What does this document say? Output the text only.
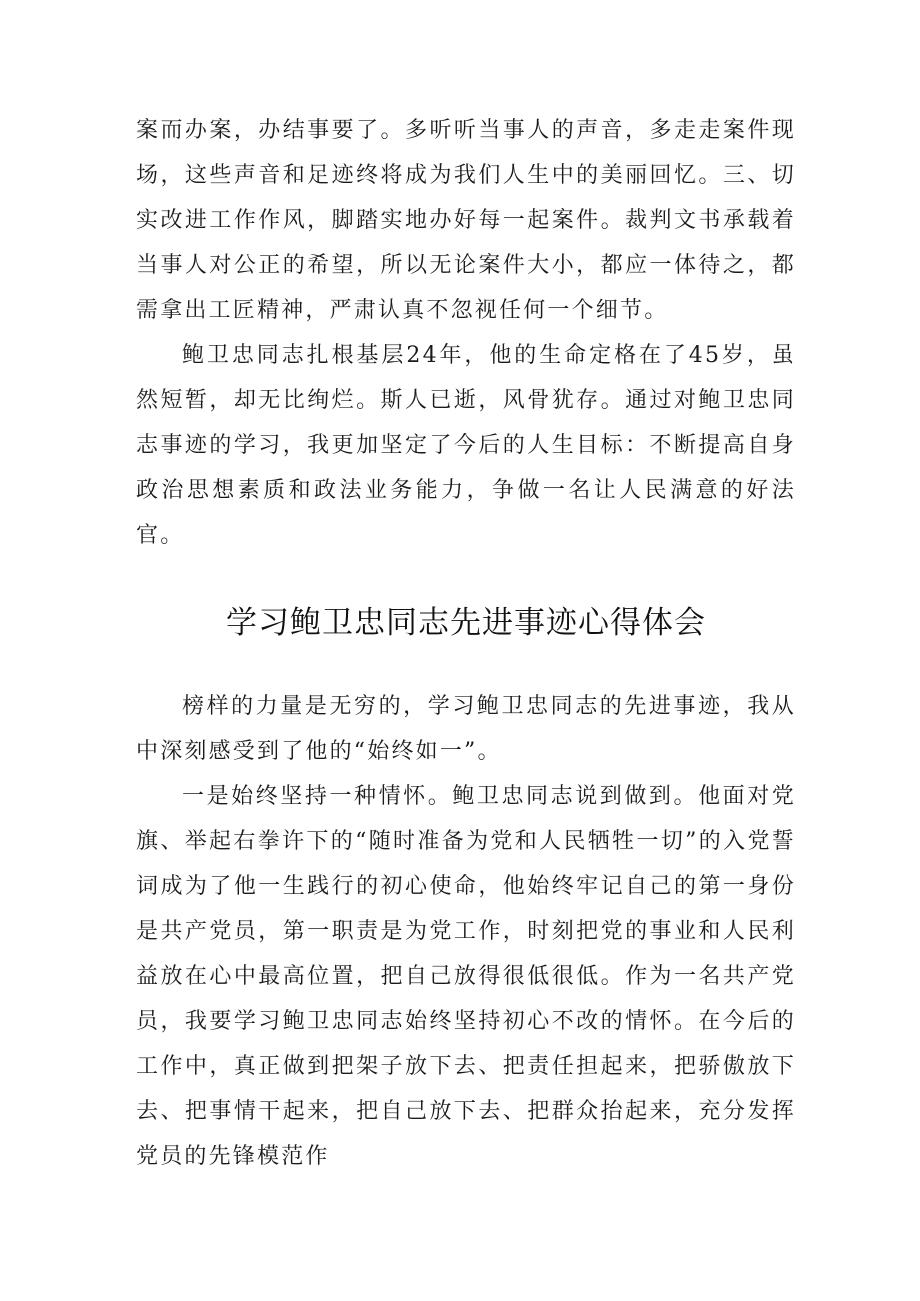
案而办案，办结事要了。多听听当事人的声音，多走走案件现场，这些声音和足迹终将成为我们人生中的美丽回忆。三、切实改进工作作风，脚踏实地办好每一起案件。裁判文书承载着当事人对公正的希望，所以无论案件大小，都应一体待之，都需拿出工匠精神，严肃认真不忽视任何一个细节。

鲍卫忠同志扎根基层24年，他的生命定格在了45岁，虽然短暂，却无比绚烂。斯人已逝，风骨犹存。通过对鲍卫忠同志事迹的学习，我更加坚定了今后的人生目标：不断提高自身政治思想素质和政法业务能力，争做一名让人民满意的好法官。

学习鲍卫忠同志先进事迹心得体会

榜样的力量是无穷的，学习鲍卫忠同志的先进事迹，我从中深刻感受到了他的“始终如一”。

一是始终坚持一种情怀。鲍卫忠同志说到做到。他面对党旗、举起右拳许下的“随时准备为党和人民牺牲一切”的入党誓词成为了他一生践行的初心使命，他始终牢记自己的第一身份是共产党员，第一职责是为党工作，时刻把党的事业和人民利益放在心中最高位置，把自己放得很低很低。作为一名共产党员，我要学习鲍卫忠同志始终坚持初心不改的情怀。在今后的工作中，真正做到把架子放下去、把责任担起来，把骄傲放下去、把事情干起来，把自己放下去、把群众抬起来，充分发挥党员的先锋模范作
